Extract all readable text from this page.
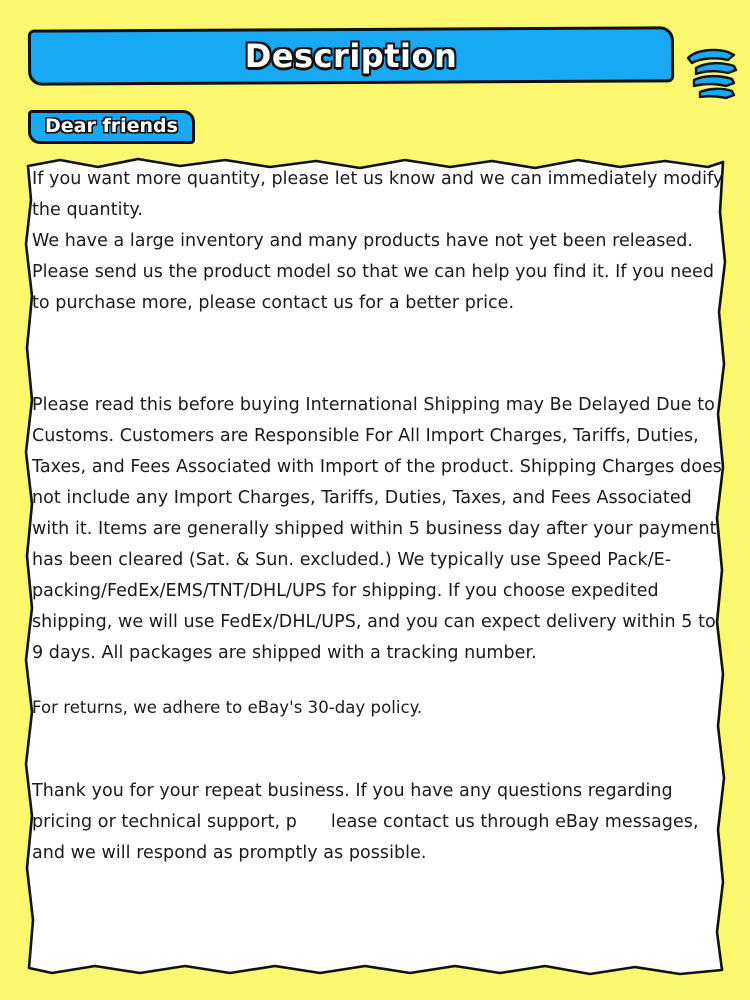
Description
Dear friends

If you want more quantity, please let us know and we can immediately modify the quantity.

We have a large inventory and many products have not yet been released. Please send us the product model so that we can help you find it. If you need to purchase more, please contact us for a better price.

Please read this before buying International Shipping may Be Delayed Due to Customs. Customers are Responsible For All Import Charges, Tariffs, Duties, Taxes, and Fees Associated with Import of the product. Shipping Charges does not include any Import Charges, Tariffs, Duties, Taxes, and Fees Associated with it. Items are generally shipped within 5 business day after your payment has been cleared (Sat. & Sun. excluded.) We typically use Speed Pack/E-packing/FedEx/EMS/TNT/DHL/UPS for shipping. If you choose expedited shipping, we will use FedEx/DHL/UPS, and you can expect delivery within 5 to 9 days. All packages are shipped with a tracking number.

For returns, we adhere to eBay's 30-day policy.

Thank you for your repeat business. If you have any questions regarding pricing or technical support, p lease contact us through eBay messages, and we will respond as promptly as possible.
